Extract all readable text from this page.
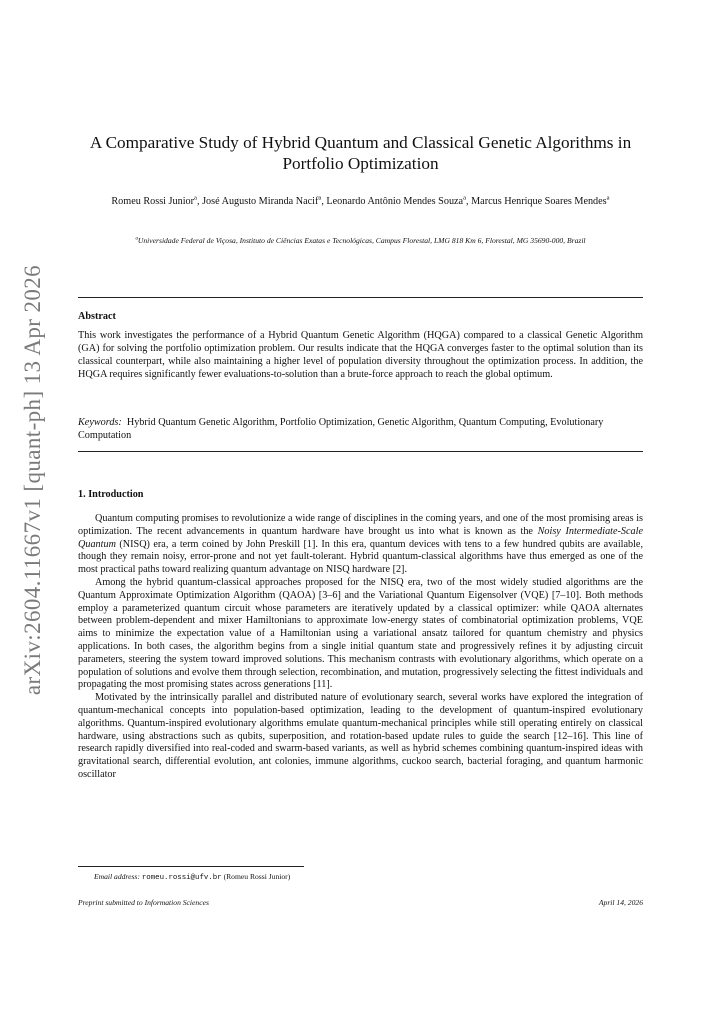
arXiv:2604.11667v1 [quant-ph] 13 Apr 2026
A Comparative Study of Hybrid Quantum and Classical Genetic Algorithms in Portfolio Optimization
Romeu Rossi Junior$^a$, José Augusto Miranda Nacif$^a$, Leonardo Antônio Mendes Souza$^a$, Marcus Henrique Soares Mendes$^a$
$^a$Universidade Federal de Viçosa, Instituto de Ciências Exatas e Tecnológicas, Campus Florestal, LMG 818 Km 6, Florestal, MG 35690-000, Brazil
Abstract
This work investigates the performance of a Hybrid Quantum Genetic Algorithm (HQGA) compared to a classical Genetic Algorithm (GA) for solving the portfolio optimization problem. Our results indicate that the HQGA converges faster to the optimal solution than its classical counterpart, while also maintaining a higher level of population diversity throughout the optimization process. In addition, the HQGA requires significantly fewer evaluations-to-solution than a brute-force approach to reach the global optimum.
Keywords: Hybrid Quantum Genetic Algorithm, Portfolio Optimization, Genetic Algorithm, Quantum Computing, Evolutionary Computation
1. Introduction

Quantum computing promises to revolutionize a wide range of disciplines in the coming years, and one of the most promising areas is optimization. The recent advancements in quantum hardware have brought us into what is known as the Noisy Intermediate-Scale Quantum (NISQ) era, a term coined by John Preskill [1]. In this era, quantum devices with tens to a few hundred qubits are available, though they remain noisy, error-prone and not yet fault-tolerant. Hybrid quantum-classical algorithms have thus emerged as one of the most practical paths toward realizing quantum advantage on NISQ hardware [2].

Among the hybrid quantum-classical approaches proposed for the NISQ era, two of the most widely studied algorithms are the Quantum Approximate Optimization Algorithm (QAOA) [3–6] and the Variational Quantum Eigensolver (VQE) [7–10]. Both methods employ a parameterized quantum circuit whose parameters are iteratively updated by a classical optimizer: while QAOA alternates between problem-dependent and mixer Hamiltonians to approximate low-energy states of combinatorial optimization problems, VQE aims to minimize the expectation value of a Hamiltonian using a variational ansatz tailored for quantum chemistry and physics applications. In both cases, the algorithm begins from a single initial quantum state and progressively refines it by adjusting circuit parameters, steering the system toward improved solutions. This mechanism contrasts with evolutionary algorithms, which operate on a population of solutions and evolve them through selection, recombination, and mutation, progressively selecting the fittest individuals and propagating the most promising states across generations [11].

Motivated by the intrinsically parallel and distributed nature of evolutionary search, several works have explored the integration of quantum-mechanical concepts into population-based optimization, leading to the development of quantum-inspired evolutionary algorithms. Quantum-inspired evolutionary algorithms emulate quantum-mechanical principles while still operating entirely on classical hardware, using abstractions such as qubits, superposition, and rotation-based update rules to guide the search [12–16]. This line of research rapidly diversified into real-coded and swarm-based variants, as well as hybrid schemes combining quantum-inspired ideas with gravitational search, differential evolution, ant colonies, immune algorithms, cuckoo search, bacterial foraging, and quantum harmonic oscillator

Email address: romeu.rossi@ufv.br (Romeu Rossi Junior)
Preprint submitted to Information Sciences	April 14, 2026
